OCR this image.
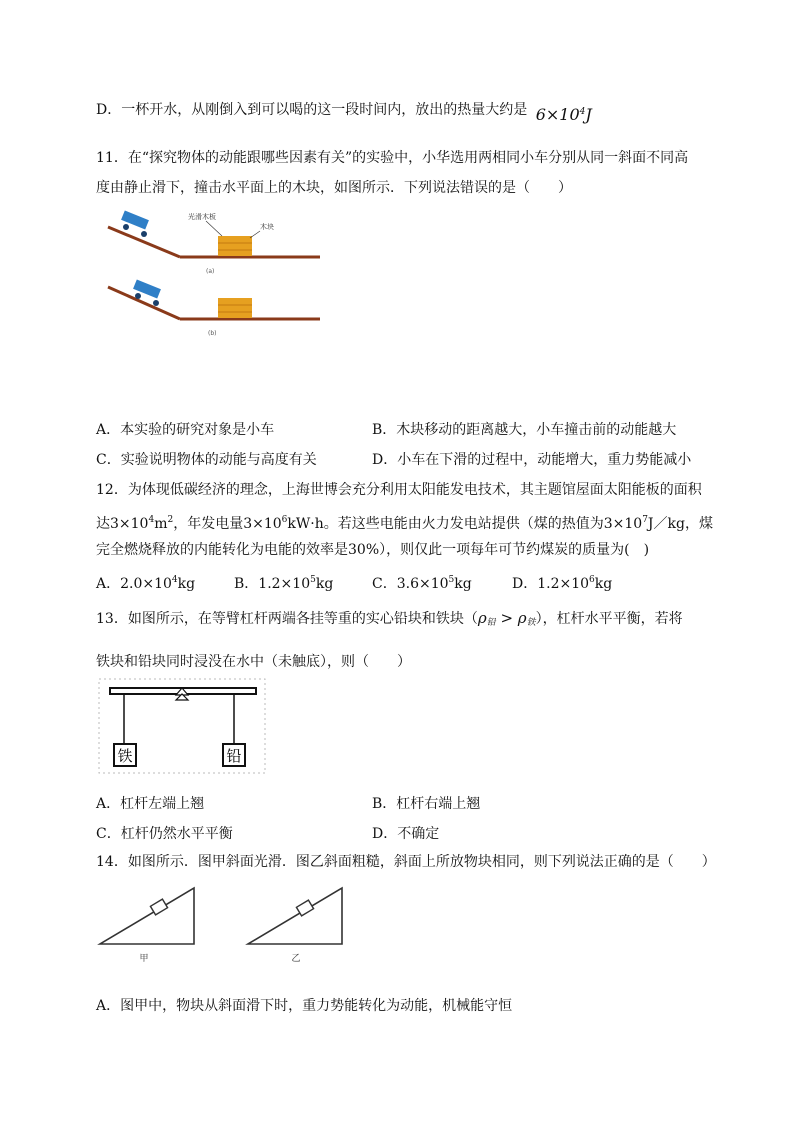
D．一杯开水，从刚倒入到可以喝的这一段时间内，放出的热量大约是 $6\times 10^4J$
11．在“探究物体的动能跟哪些因素有关”的实验中，小华选用两相同小车分别从同一斜面不同高
度由静止滑下，撞击水平面上的木块，如图所示．下列说法错误的是（　　）
光滑木板
木块
(a)
(b)
A．本实验的研究对象是小车	B．木块移动的距离越大，小车撞击前的动能越大
C．实验说明物体的动能与高度有关	D．小车在下滑的过程中，动能增大，重力势能减小
12．为体现低碳经济的理念，上海世博会充分利用太阳能发电技术，其主题馆屋面太阳能板的面积
达$3\times 10^4m^2$，年发电量$3\times 10^6kW\cdot h$。若这些电能由火力发电站提供（煤的热值为$3\times 10^7J/kg$，煤
完全燃烧释放的内能转化为电能的效率是30%），则仅此一项每年可节约煤炭的质量为(　)
A．$2.0\times 10^4kg$	B．$1.2\times 10^5kg$	C．$3.6\times 10^5kg$	D．$1.2\times 10^6kg$
13．如图所示，在等臂杠杆两端各挂等重的实心铅块和铁块$(\rho_铅 > \rho_铁)$，杠杆水平平衡，若将
铁块和铅块同时浸没在水中（未触底），则（　　）
铁	铅
A．杠杆左端上翘	B．杠杆右端上翘
C．杠杆仍然水平平衡	D．不确定
14．如图所示．图甲斜面光滑．图乙斜面粗糙，斜面上所放物块相同，则下列说法正确的是（　　）
甲	乙
A．图甲中，物块从斜面滑下时，重力势能转化为动能，机械能守恒
